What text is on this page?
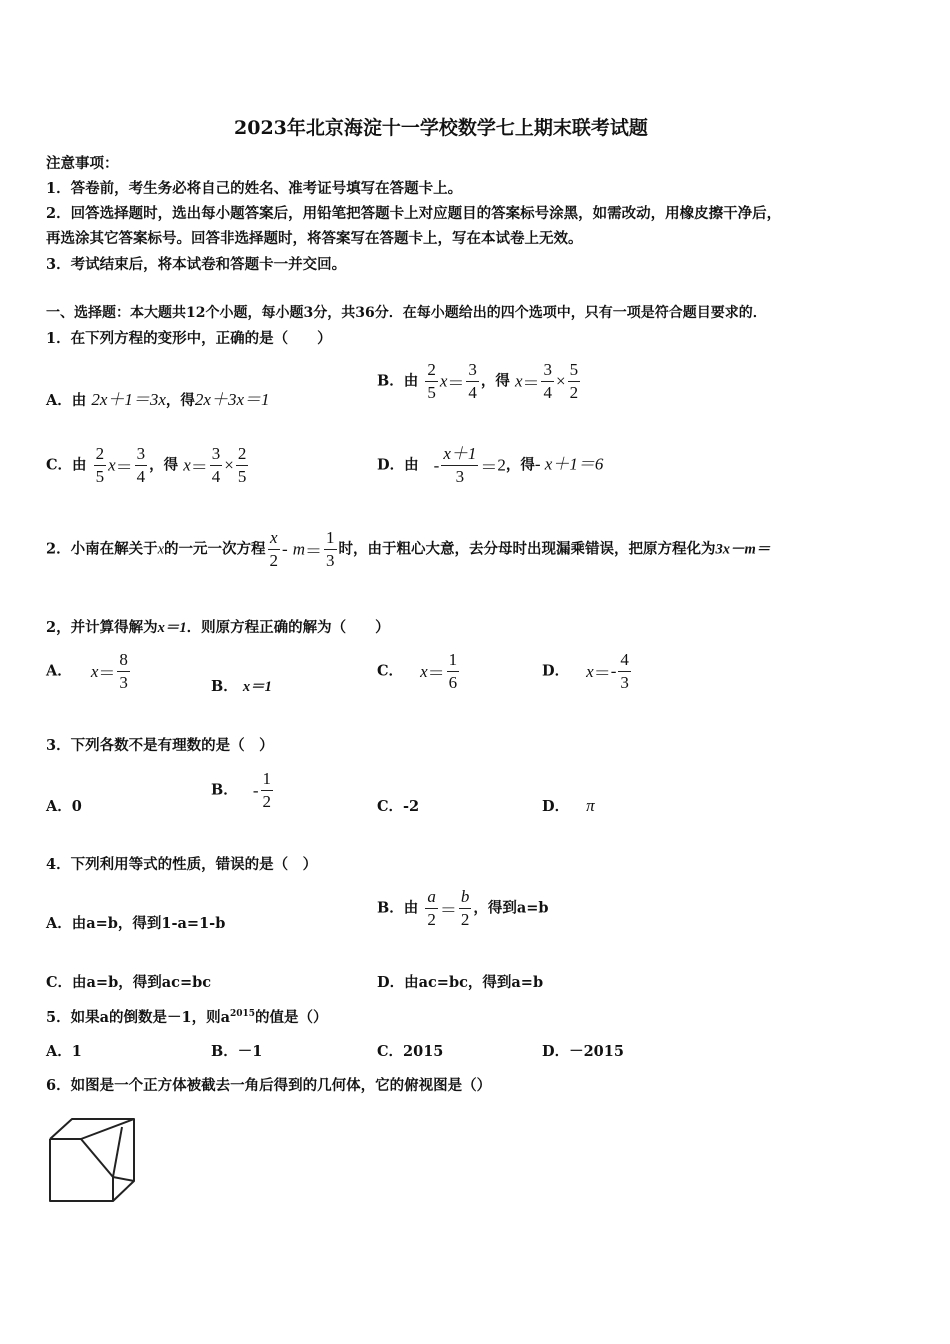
2023年北京海淀十一学校数学七上期末联考试题
注意事项：
1．答卷前，考生务必将自己的姓名、准考证号填写在答题卡上。
2．回答选择题时，选出每小题答案后，用铅笔把答题卡上对应题目的答案标号涂黑，如需改动，用橡皮擦干净后，
再选涂其它答案标号。回答非选择题时，将答案写在答题卡上，写在本试卷上无效。
3．考试结束后，将本试卷和答题卡一并交回。
一、选择题：本大题共12个小题，每小题3分，共36分．在每小题给出的四个选项中，只有一项是符合题目要求的．
1．在下列方程的变形中，正确的是（　　）
A．由 2x＋1＝3x，得2x＋3x＝1
B．由 $\frac{2}{5} x= \frac{3}{4}$ ，得 $x= \frac{3}{4} \times \frac{5}{2}$
C．由 $\frac{2}{5} x= \frac{3}{4}$ ，得 $x= \frac{3}{4} \times \frac{2}{5}$	D．由 - $\frac{x+1}{3} =2$，得- x＋1＝6
2．小南在解关于x的一元一次方程 $\frac{x}{2} - m= \frac{1}{3}$ 时，由于粗心大意，去分母时出现漏乘错误，把原方程化为3x－m＝
2，并计算得解为x＝1．则原方程正确的解为（　　）
A． $x= \frac{8}{3}$	B． x＝1
C． $x= \frac{1}{6}$	D． $x=- \frac{4}{3}$
3．下列各数不是有理数的是（　）
A．0
B． - $\frac{1}{2}$	C．-2	D． π
4．下列利用等式的性质，错误的是（　）
A．由a=b，得到1-a=1-b
B．由 $\frac{a}{2} = \frac{b}{2}$ ，得到a=b
C．由a=b，得到ac=bc	D．由ac=bc，得到a=b
5．如果a的倒数是－1，则$a^{2015}$的值是（）
A．1	B．－1	C．2015	D．－2015
6．如图是一个正方体被截去一角后得到的几何体，它的俯视图是（）
